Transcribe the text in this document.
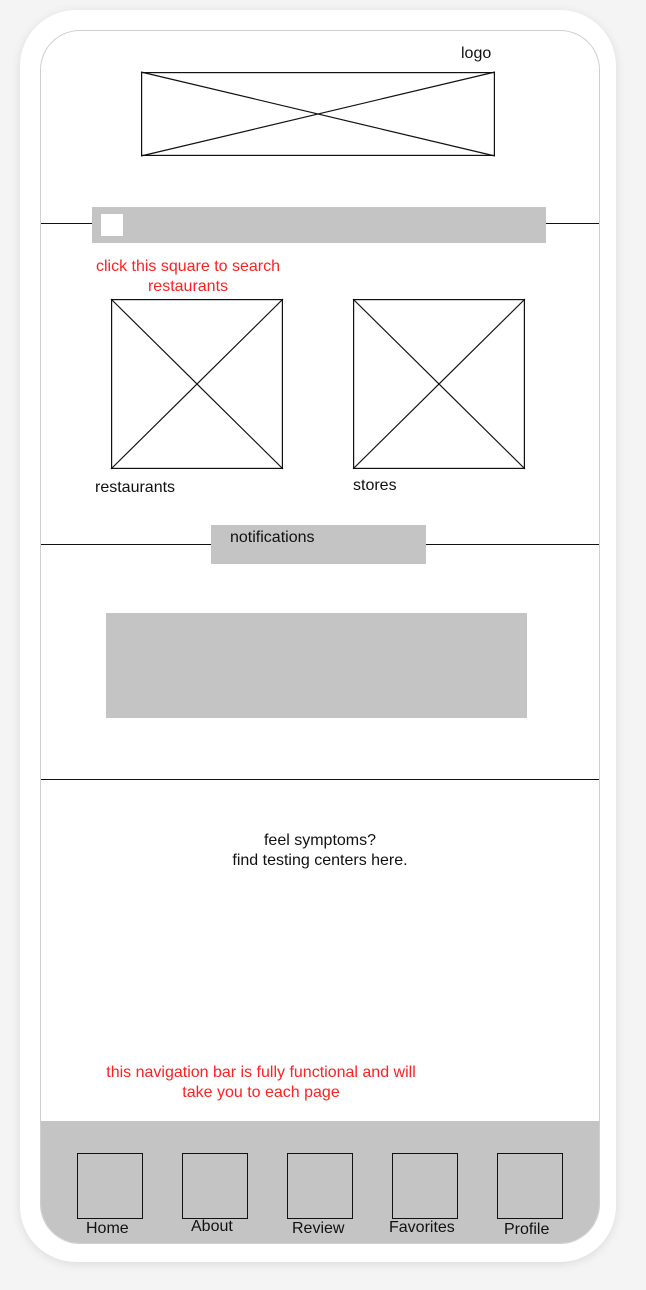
logo
click this square to search restaurants
restaurants	stores
notifications
feel symptoms?
find testing centers here.
this navigation bar is fully functional and will
take you to each page
Home	About	Review	Favorites	Profile
